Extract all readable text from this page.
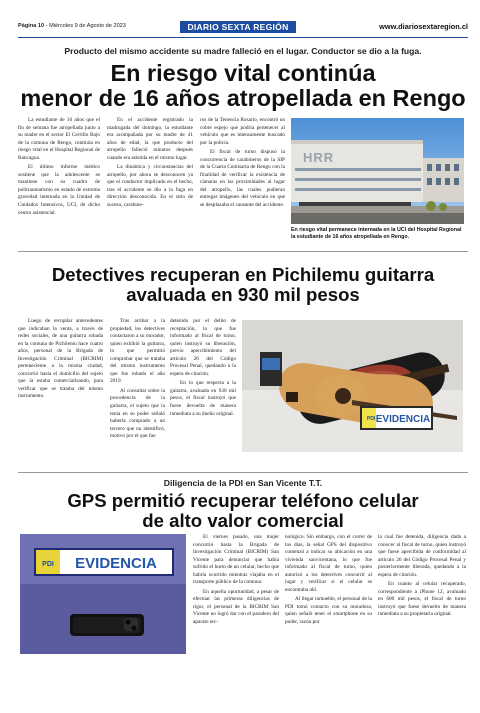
Página 10 - Miércoles 9 de Agosto de 2023	DIARIO SEXTA REGIÓN	www.diariosextaregion.cl
Producto del mismo accidente su madre falleció en el lugar. Conductor se dio a la fuga.
En riesgo vital continúa
menor de 16 años atropellada en Rengo

La estudiante de 16 años que el fin de semana fue atropellada junto a su madre en el sector El Cerrillo Bajo de la comuna de Rengo, continúa en riesgo vital en el Hospital Regional de Rancagua.

El último informe médico sostiene que la adolescente se mantiene con su cuadro de politraumatismo en estado de extrema gravedad internada en la Unidad de Cuidados Intensivos, UCI, de dicho centro asistencial.

En el accidente registrado la madrugada del domingo, la estudiante era acompañada por su madre de 41 años de edad, la que producto del atropello falleció minutos después cuando era asistida en el mismo lugar.

La dinámica y circunstancias del atropello, por ahora se desconocen ya que el conductor implicado en el hecho, tras el accidente se dio a la fuga en dirección desconocida. En el sitio de suceso, carabine-

ros de la Tenencia Rosario, encontró un cobre espejo que podría pertenecer al vehículo que es intensamente buscado por la policía.

El fiscal de turno dispuso la concurrencia de carabineros de la SIP de la Cuarta Comisaría de Rengo con la finalidad de verificar la existencia de cámaras en las proximidades al lugar del atropello, las cuales pudieran entregar imágenes del vehículo en que se desplazaba el causante del accidente.

HRR
En riesgo vital permanece internada en la UCI del Hospital Regional la estudiante de 16 años atropellada en Rengo.
Detectives recuperan en Pichilemu guitarra
avaluada en 930 mil pesos

Luego de recopilar antecedentes que indicaban la venta, a través de redes sociales, de una guitarra robada en la comuna de Pichilemu hace cuatro años, personal de la Brigada de Investigación Criminal (BICRIM) perteneciente a la misma ciudad, concurrió hasta el domicilio del sujeto que la estaba comercializando, para verificar que se trataba del mismo instrumento.

Tras arribar a la propiedad, los detectives contactaron a su morador, quien exhibió la guitarra, lo que permitió comprobar que se trataba del mismo instrumento que fue robado el año 2019.

Al consultar sobre la procedencia de la guitarra, el sujeto que la tenía en su poder señaló haberla comprado a un tercero que no identificó, motivo por el que fue

detenido por el delito de receptación, lo que fue informado al fiscal de turno, quien instruyó su liberación, previo apercibimiento del artículo 26 del Código Procesal Penal, quedando a la espera de citación.

En lo que respecta a la guitarra, avaluada en 930 mil pesos, el fiscal instruyó que fuese devuelta de manera inmediata a su dueño original.

PDI EVIDENCIA
Diligencia de la PDI en San Vicente T.T.
GPS permitió recuperar teléfono celular
de alto valor comercial
PDI EVIDENCIA

El viernes pasado, una mujer concurrió hasta la Brigada de Investigación Criminal (BICRIM) San Vicente para denunciar que había sufrido el hurto de un celular, hecho que habría ocurrido mientras viajaba en el transporte público de la comuna.

En aquella oportunidad, a pesar de efectuar las primeras diligencias de rigor, el personal de la BICRIM San Vicente no logró dar con el paradero del aparato tec-

nológico. Sin embargo, con el correr de los días, la señal GPS del dispositivo comenzó a indicar su ubicación en una vivienda sanvicentana, lo que fue informado al fiscal de turno, quien autorizó a los detectives concurrir al lugar y verificar si el celular se encontraba ahí.

Al llegar inmueble, el personal de la PDI tomó contacto con su moradora, quien señaló tener el smartphone en su poder, razón por

la cual fue detenida, diligencia dada a conocer al fiscal de turno, quien instruyó que fuese apercibida de conformidad al artículo 26 del Código Procesal Penal y posteriormente liberada, quedando a la espera de citación.

En cuanto al celular recuperado, correspondiente a iPhone 12, avaluado en 600 mil pesos, el fiscal de turno instruyó que fuese devuelto de manera inmediata a su propietaria original.
